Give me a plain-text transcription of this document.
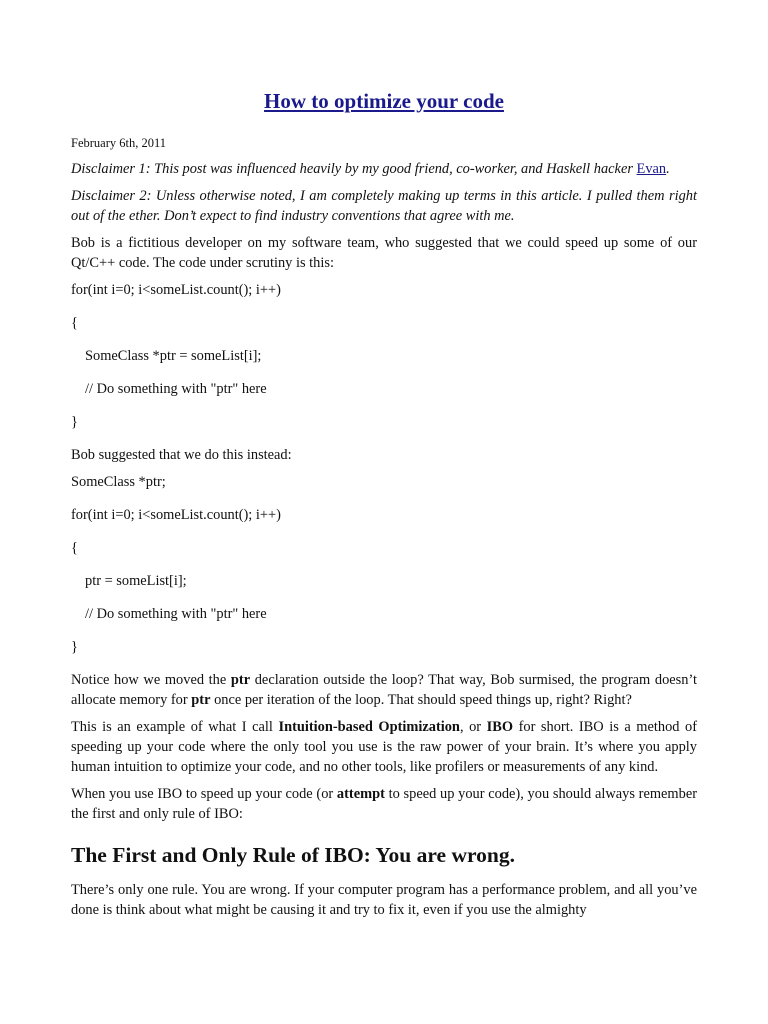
How to optimize your code
February 6th, 2011

Disclaimer 1: This post was influenced heavily by my good friend, co-worker, and Haskell hacker Evan.

Disclaimer 2: Unless otherwise noted, I am completely making up terms in this article. I pulled them right out of the ether. Don’t expect to find industry conventions that agree with me.

Bob is a fictitious developer on my software team, who suggested that we could speed up some of our Qt/C++ code. The code under scrutiny is this:

for(int i=0; i<someList.count(); i++)
{
SomeClass *ptr = someList[i];
// Do something with "ptr" here
}

Bob suggested that we do this instead:

SomeClass *ptr;
for(int i=0; i<someList.count(); i++)
{
ptr = someList[i];
// Do something with "ptr" here
}

Notice how we moved the ptr declaration outside the loop? That way, Bob surmised, the program doesn’t allocate memory for ptr once per iteration of the loop. That should speed things up, right? Right?

This is an example of what I call Intuition-based Optimization, or IBO for short. IBO is a method of speeding up your code where the only tool you use is the raw power of your brain. It’s where you apply human intuition to optimize your code, and no other tools, like profilers or measurements of any kind.

When you use IBO to speed up your code (or attempt to speed up your code), you should always remember the first and only rule of IBO:

The First and Only Rule of IBO: You are wrong.

There’s only one rule. You are wrong. If your computer program has a performance problem, and all you’ve done is think about what might be causing it and try to fix it, even if you use the almighty
